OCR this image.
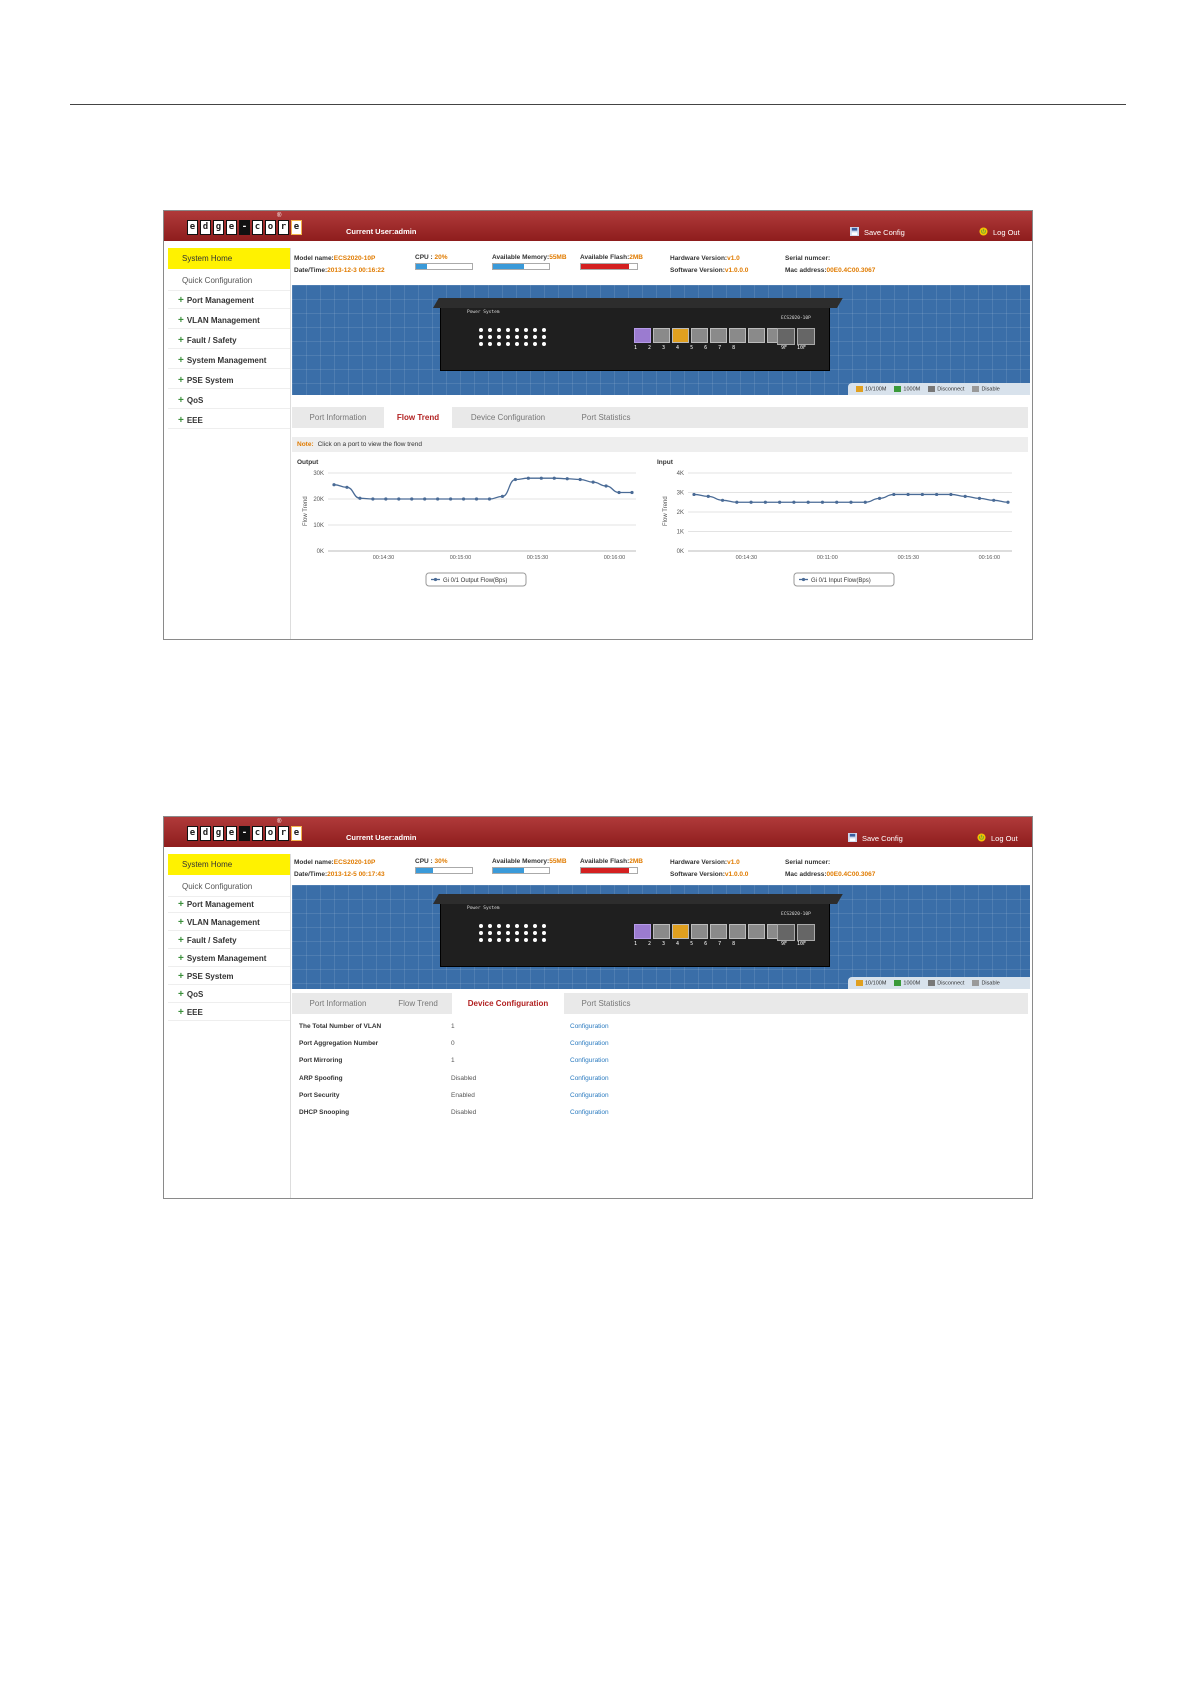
e d g e - c o r e
®
Current User:admin	Save Config	Log Out
System Home
Quick Configuration
+ Port Management
+ VLAN Management
+ Fault / Safety
+ System Management
+ PSE System
+ QoS
+ EEE
Model name:ECS2020-10P
Date/Time:2013-12-3 00:16:22
CPU : 20%	Available Memory:55MB Available Flash:2MB	Hardware Version:v1.0
Software Version:v1.0.0.0
Serial numcer:
Mac address:00E0.4C00.3067
Power System
ECS2020-10P
12345678	9F 10F
10/100M	1000M	Disconnect	Disable
Port Information	Flow Trend	Device Configuration	Port Statistics
Note: Click on a port to view the flow trend
Output
Flow Trend
0K
10K
20K
30K
00:14:30	00:15:00	00:15:30	00:16:00
Gi 0/1 Output Flow(Bps)
Input
Flow Trend
0K
1K
2K
3K
4K
00:14:30	00:11:00	00:15:30	00:16:00
Gi 0/1 Input Flow(Bps)
e d g e - c o r e
®
Current User:admin	Save Config	Log Out
System Home
Quick Configuration
+ Port Management
+ VLAN Management
+ Fault / Safety
+ System Management
+ PSE System
+ QoS
+ EEE
Model name:ECS2020-10P
Date/Time:2013-12-5 00:17:43
CPU : 30%	Available Memory:55MB Available Flash:2MB	Hardware Version:v1.0
Software Version:v1.0.0.0
Serial numcer:
Mac address:00E0.4C00.3067
Power System
ECS2020-10P
12345678	9F 10F
10/100M	1000M	Disconnect	Disable
Port Information	Flow Trend	Device Configuration	Port Statistics
The Total Number of VLAN	1	Configuration
Port Aggregation Number	0	Configuration
Port Mirroring	1	Configuration
ARP Spoofing	Disabled	Configuration
Port Security	Enabled	Configuration
DHCP Snooping	Disabled	Configuration
